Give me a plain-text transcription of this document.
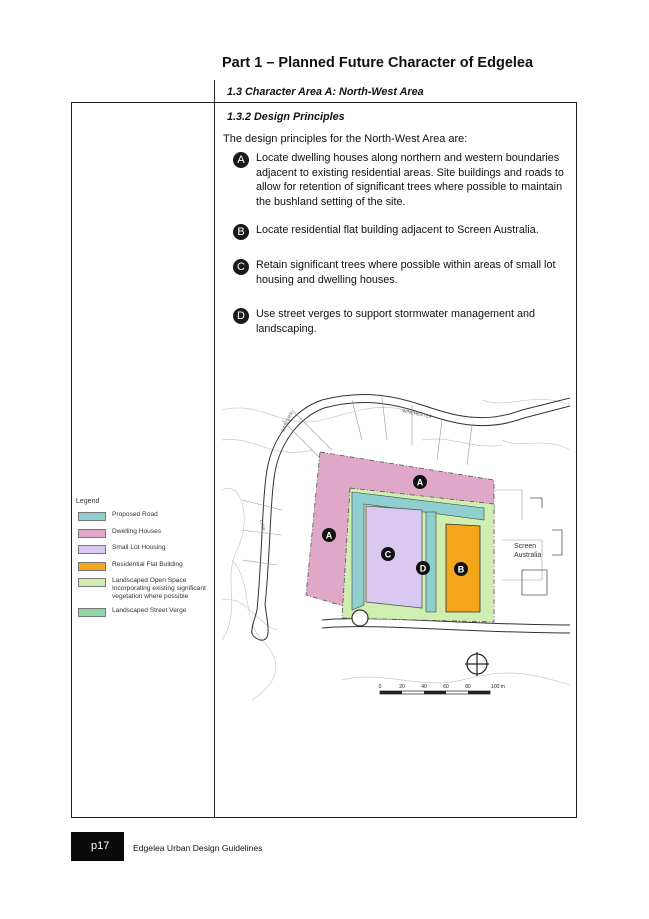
Part 1 – Planned Future Character of Edgelea
1.3 Character Area A: North-West Area
1.3.2 Design Principles
The design principles for the North-West Area are:
A	Locate dwelling houses along northern and western boundaries adjacent to existing residential areas. Site buildings and roads to allow for retention of significant trees where possible to maintain the bushland setting of the site.
B	Locate residential flat building adjacent to Screen Australia.
C	Retain significant trees where possible within areas of small lot housing and dwelling houses.
D	Use street verges to support stormwater management and landscaping.
Legend
Proposed Road
Dwelling Houses
Small Lot Housing
Residential Flat Building
Landscaped Open Space Incorporating existing significant vegetation where possible
Landscaped Street Verge
Screen
Australia
WINCHESTER
EASTERN
LYRE
A
A
C
D	B
0	20	40	60	80	100 m
p17	Edgelea Urban Design Guidelines
